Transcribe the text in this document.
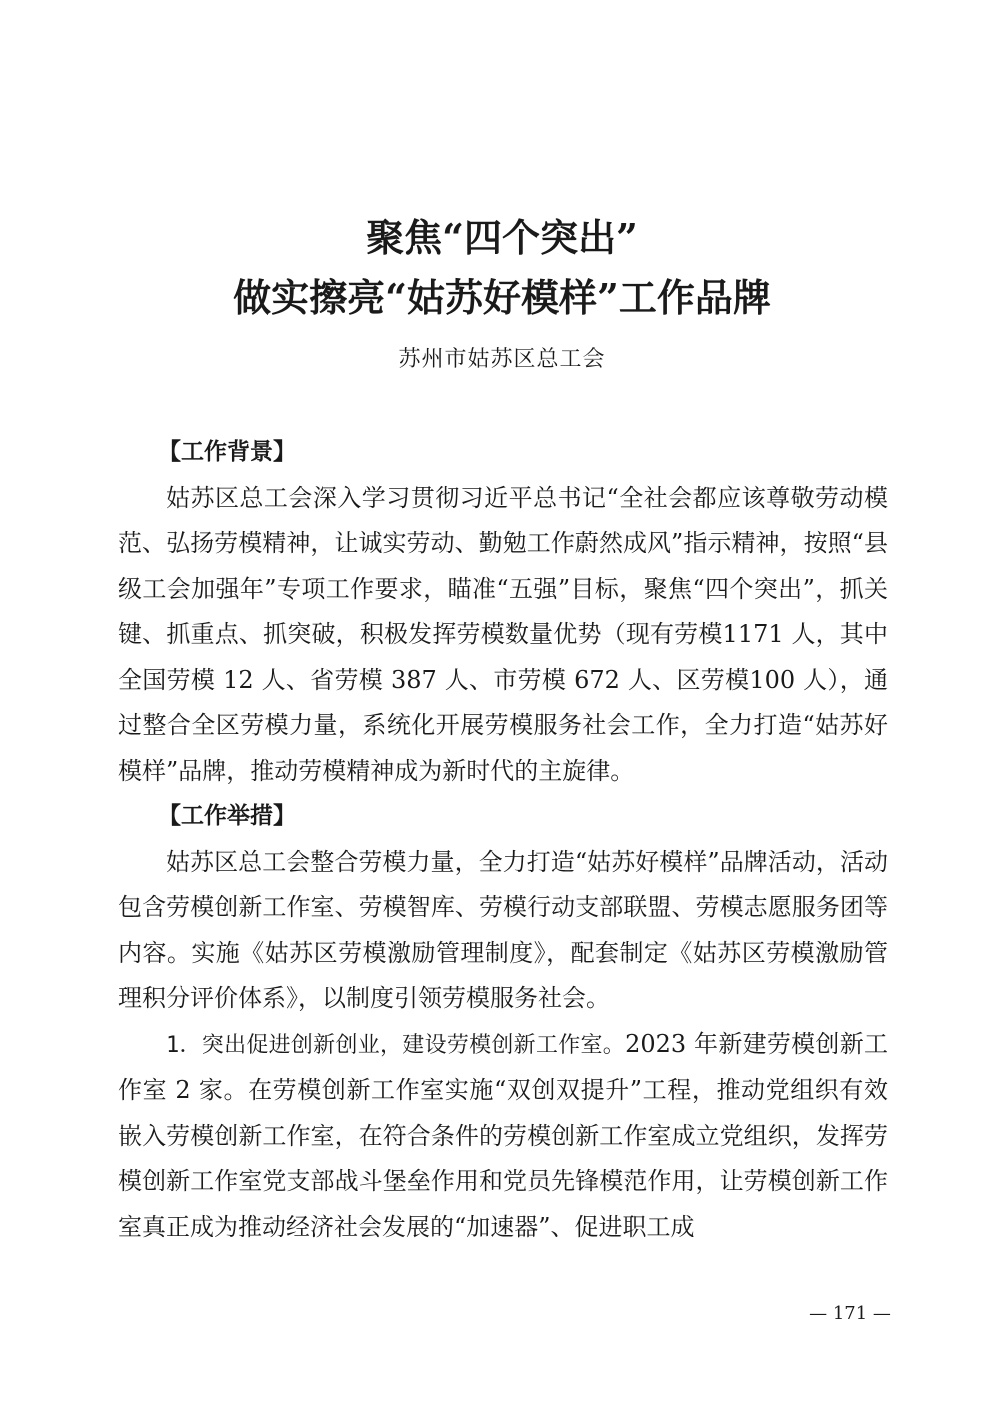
聚焦“四个突出”
做实擦亮“姑苏好模样”工作品牌
苏州市姑苏区总工会

【工作背景】

姑苏区总工会深入学习贯彻习近平总书记“全社会都应该尊敬劳动模范、弘扬劳模精神，让诚实劳动、勤勉工作蔚然成风”指示精神，按照“县级工会加强年”专项工作要求，瞄准“五强”目标，聚焦“四个突出”，抓关键、抓重点、抓突破，积极发挥劳模数量优势（现有劳模1171 人，其中全国劳模 12 人、省劳模 387 人、市劳模 672 人、区劳模100 人），通过整合全区劳模力量，系统化开展劳模服务社会工作，全力打造“姑苏好模样”品牌，推动劳模精神成为新时代的主旋律。

【工作举措】

姑苏区总工会整合劳模力量，全力打造“姑苏好模样”品牌活动，活动包含劳模创新工作室、劳模智库、劳模行动支部联盟、劳模志愿服务团等内容。实施《姑苏区劳模激励管理制度》，配套制定《姑苏区劳模激励管理积分评价体系》，以制度引领劳模服务社会。

1．突出促进创新创业，建设劳模创新工作室。2023 年新建劳模创新工作室 2 家。在劳模创新工作室实施“双创双提升”工程，推动党组织有效嵌入劳模创新工作室，在符合条件的劳模创新工作室成立党组织，发挥劳模创新工作室党支部战斗堡垒作用和党员先锋模范作用，让劳模创新工作室真正成为推动经济社会发展的“加速器”、促进职工成

— 171 —
